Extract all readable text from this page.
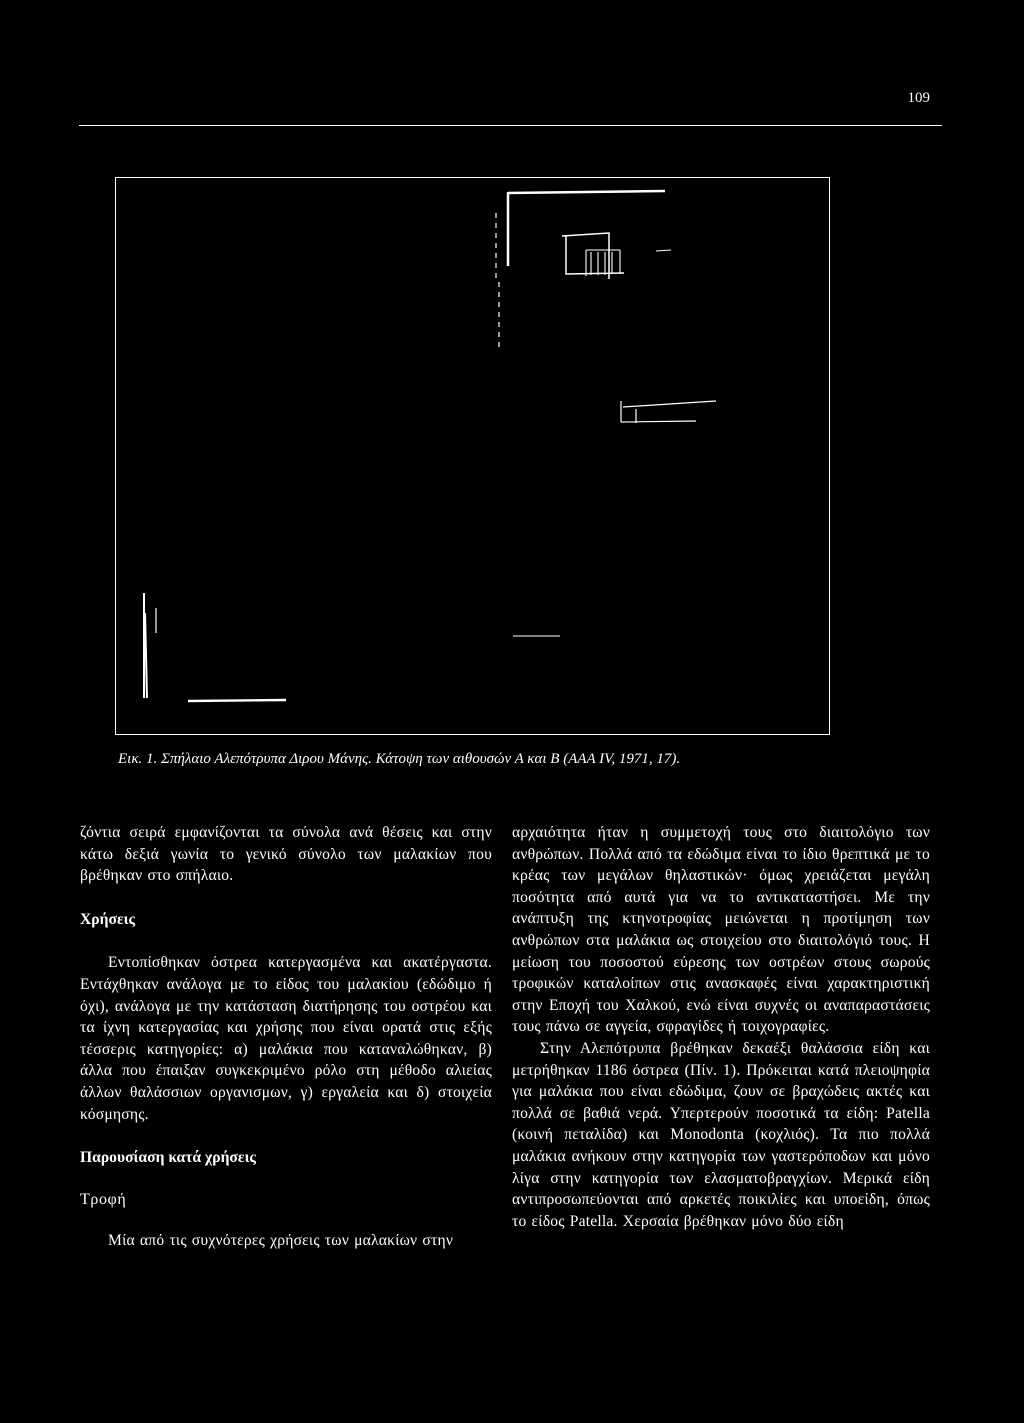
109
Εικ. 1. Σπήλαιο Αλεπότρυπα Διρου Μάνης. Κάτοψη των αιθουσών Α και Β (ΑΑΑ IV, 1971, 17).

ζόντια σειρά εμφανίζονται τα σύνολα ανά θέσεις και στην κάτω δεξιά γωνία το γενικό σύνολο των μαλακίων που βρέθηκαν στο σπήλαιο.

Χρήσεις

Εντοπίσθηκαν όστρεα κατεργασμένα και ακατέργαστα. Εντάχθηκαν ανάλογα με το είδος του μαλακίου (εδώδιμο ή όχι), ανάλογα με την κατάσταση διατήρησης του οστρέου και τα ίχνη κατεργασίας και χρήσης που είναι ορατά στις εξής τέσσερις κατηγορίες: α) μαλάκια που καταναλώθηκαν, β) άλλα που έπαιξαν συγκεκριμένο ρόλο στη μέθοδο αλιείας άλλων θαλάσσιων οργανισμων, γ) εργαλεία και δ) στοιχεία κόσμησης.

Παρουσίαση κατά χρήσεις

Τροφή

Μία από τις συχνότερες χρήσεις των μαλακίων στην

αρχαιότητα ήταν η συμμετοχή τους στο διαιτολόγιο των ανθρώπων. Πολλά από τα εδώδιμα είναι το ίδιο θρεπτικά με το κρέας των μεγάλων θηλαστικών· όμως χρειάζεται μεγάλη ποσότητα από αυτά για να το αντικαταστήσει. Με την ανάπτυξη της κτηνοτροφίας μειώνεται η προτίμηση των ανθρώπων στα μαλάκια ως στοιχείου στο διαιτολόγιό τους. Η μείωση του ποσοστού εύρεσης των οστρέων στους σωρούς τροφικών καταλοίπων στις ανασκαφές είναι χαρακτηριστική στην Εποχή του Χαλκού, ενώ είναι συχνές οι αναπαραστάσεις τους πάνω σε αγγεία, σφραγίδες ή τοιχογραφίες.

Στην Αλεπότρυπα βρέθηκαν δεκαέξι θαλάσσια είδη και μετρήθηκαν 1186 όστρεα (Πίν. 1). Πρόκειται κατά πλειοψηφία για μαλάκια που είναι εδώδιμα, ζουν σε βραχώδεις ακτές και πολλά σε βαθιά νερά. Υπερτερούν ποσοτικά τα είδη: Patella (κοινή πεταλίδα) και Monodonta (κοχλιός). Τα πιο πολλά μαλάκια ανήκουν στην κατηγορία των γαστερόποδων και μόνο λίγα στην κατηγορία των ελασματοβραγχίων. Μερικά είδη αντιπροσωπεύονται από αρκετές ποικιλίες και υποείδη, όπως το είδος Patella. Χερσαία βρέθηκαν μόνο δύο είδη
